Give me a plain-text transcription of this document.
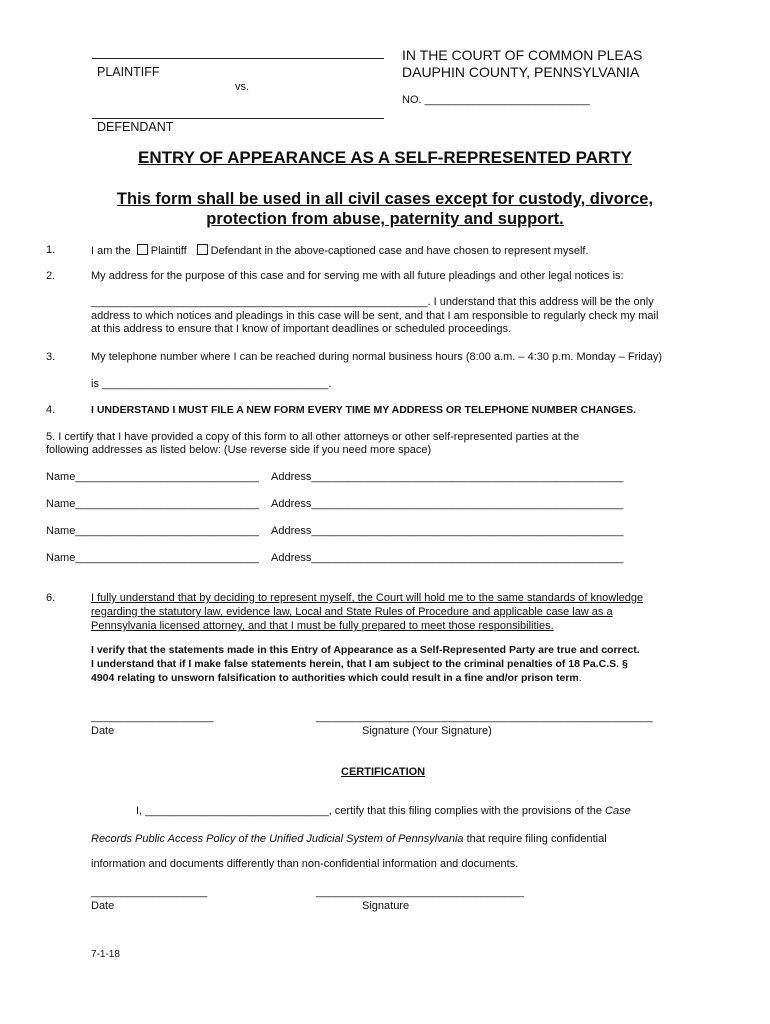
PLAINTIFF
vs.
DEFENDANT
IN THE COURT OF COMMON PLEAS
DAUPHIN COUNTY, PENNSYLVANIA
NO. ___________________________
ENTRY OF APPEARANCE AS A SELF-REPRESENTED PARTY
This form shall be used in all civil cases except for custody, divorce,
protection from abuse, paternity and support.
1.	I am the Plaintiff Defendant in the above-captioned case and have chosen to represent myself.
2.	My address for the purpose of this case and for serving me with all future pleadings and other legal notices is:
_______________________________________________________. I understand that this address will be the only
address to which notices and pleadings in this case will be sent, and that I am responsible to regularly check my mail
at this address to ensure that I know of important deadlines or scheduled proceedings.
3.	My telephone number where I can be reached during normal business hours (8:00 a.m. – 4:30 p.m. Monday – Friday)
is _____________________________________.
4.	I UNDERSTAND I MUST FILE A NEW FORM EVERY TIME MY ADDRESS OR TELEPHONE NUMBER CHANGES.
5. I certify that I have provided a copy of this form to all other attorneys or other self-represented parties at the
following addresses as listed below: (Use reverse side if you need more space)
Name______________________________ Address___________________________________________________
Name______________________________ Address___________________________________________________
Name______________________________ Address___________________________________________________
Name______________________________ Address___________________________________________________
6.	I fully understand that by deciding to represent myself, the Court will hold me to the same standards of knowledge
regarding the statutory law, evidence law, Local and State Rules of Procedure and applicable case law as a
Pennsylvania licensed attorney, and that I must be fully prepared to meet those responsibilities.
I verify that the statements made in this Entry of Appearance as a Self-Represented Party are true and correct.
I understand that if I make false statements herein, that I am subject to the criminal penalties of 18 Pa.C.S. §
4904 relating to unsworn falsification to authorities which could result in a fine and/or prison term.
____________________
Date
_______________________________________________________
Signature (Your Signature)
CERTIFICATION
I, ______________________________, certify that this filing complies with the provisions of the Case
Records Public Access Policy of the Unified Judicial System of Pennsylvania that require filing confidential
information and documents differently than non-confidential information and documents.
___________________
Date
__________________________________
Signature
7-1-18
